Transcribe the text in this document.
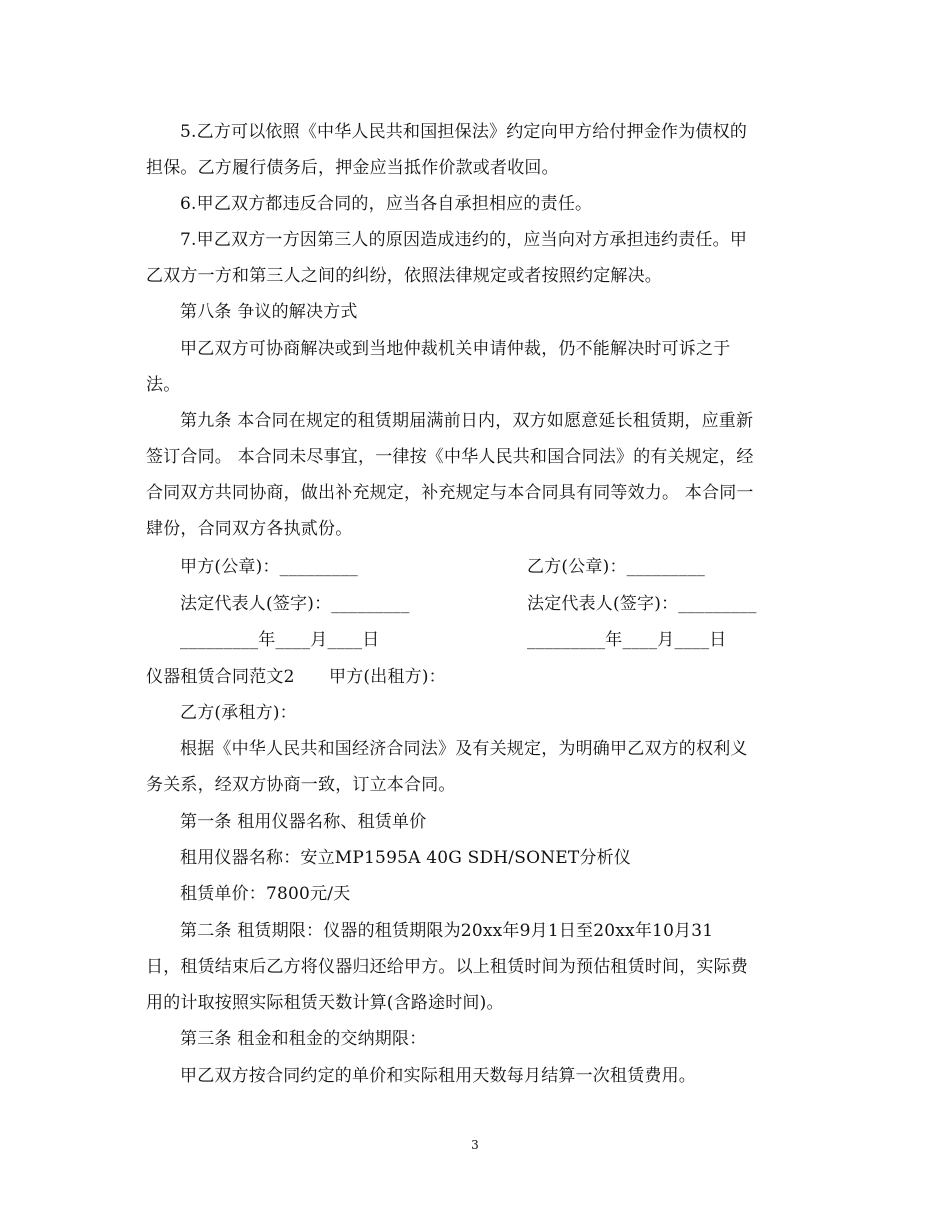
5.乙方可以依照《中华人民共和国担保法》约定向甲方给付押金作为债权的
担保。乙方履行债务后，押金应当抵作价款或者收回。
6.甲乙双方都违反合同的，应当各自承担相应的责任。
7.甲乙双方一方因第三人的原因造成违约的，应当向对方承担违约责任。甲
乙双方一方和第三人之间的纠纷，依照法律规定或者按照约定解决。
第八条 争议的解决方式
甲乙双方可协商解决或到当地仲裁机关申请仲裁，仍不能解决时可诉之于
法。
第九条 本合同在规定的租赁期届满前日内，双方如愿意延长租赁期，应重新
签订合同。 本合同未尽事宜，一律按《中华人民共和国合同法》的有关规定，经
合同双方共同协商，做出补充规定，补充规定与本合同具有同等效力。 本合同一
肆份，合同双方各执贰份。
甲方(公章)：_________	乙方(公章)：_________
法定代表人(签字)：_________	法定代表人(签字)：_________
_________年____月____日	_________年____月____日
仪器租赁合同范文2　　甲方(出租方)：
乙方(承租方)：
根据《中华人民共和国经济合同法》及有关规定，为明确甲乙双方的权利义
务关系，经双方协商一致，订立本合同。
第一条 租用仪器名称、租赁单价
租用仪器名称：安立MP1595A 40G SDH/SONET分析仪
租赁单价：7800元/天
第二条 租赁期限：仪器的租赁期限为20xx年9月1日至20xx年10月31
日，租赁结束后乙方将仪器归还给甲方。以上租赁时间为预估租赁时间，实际费
用的计取按照实际租赁天数计算(含路途时间)。
第三条 租金和租金的交纳期限：
甲乙双方按合同约定的单价和实际租用天数每月结算一次租赁费用。
3
